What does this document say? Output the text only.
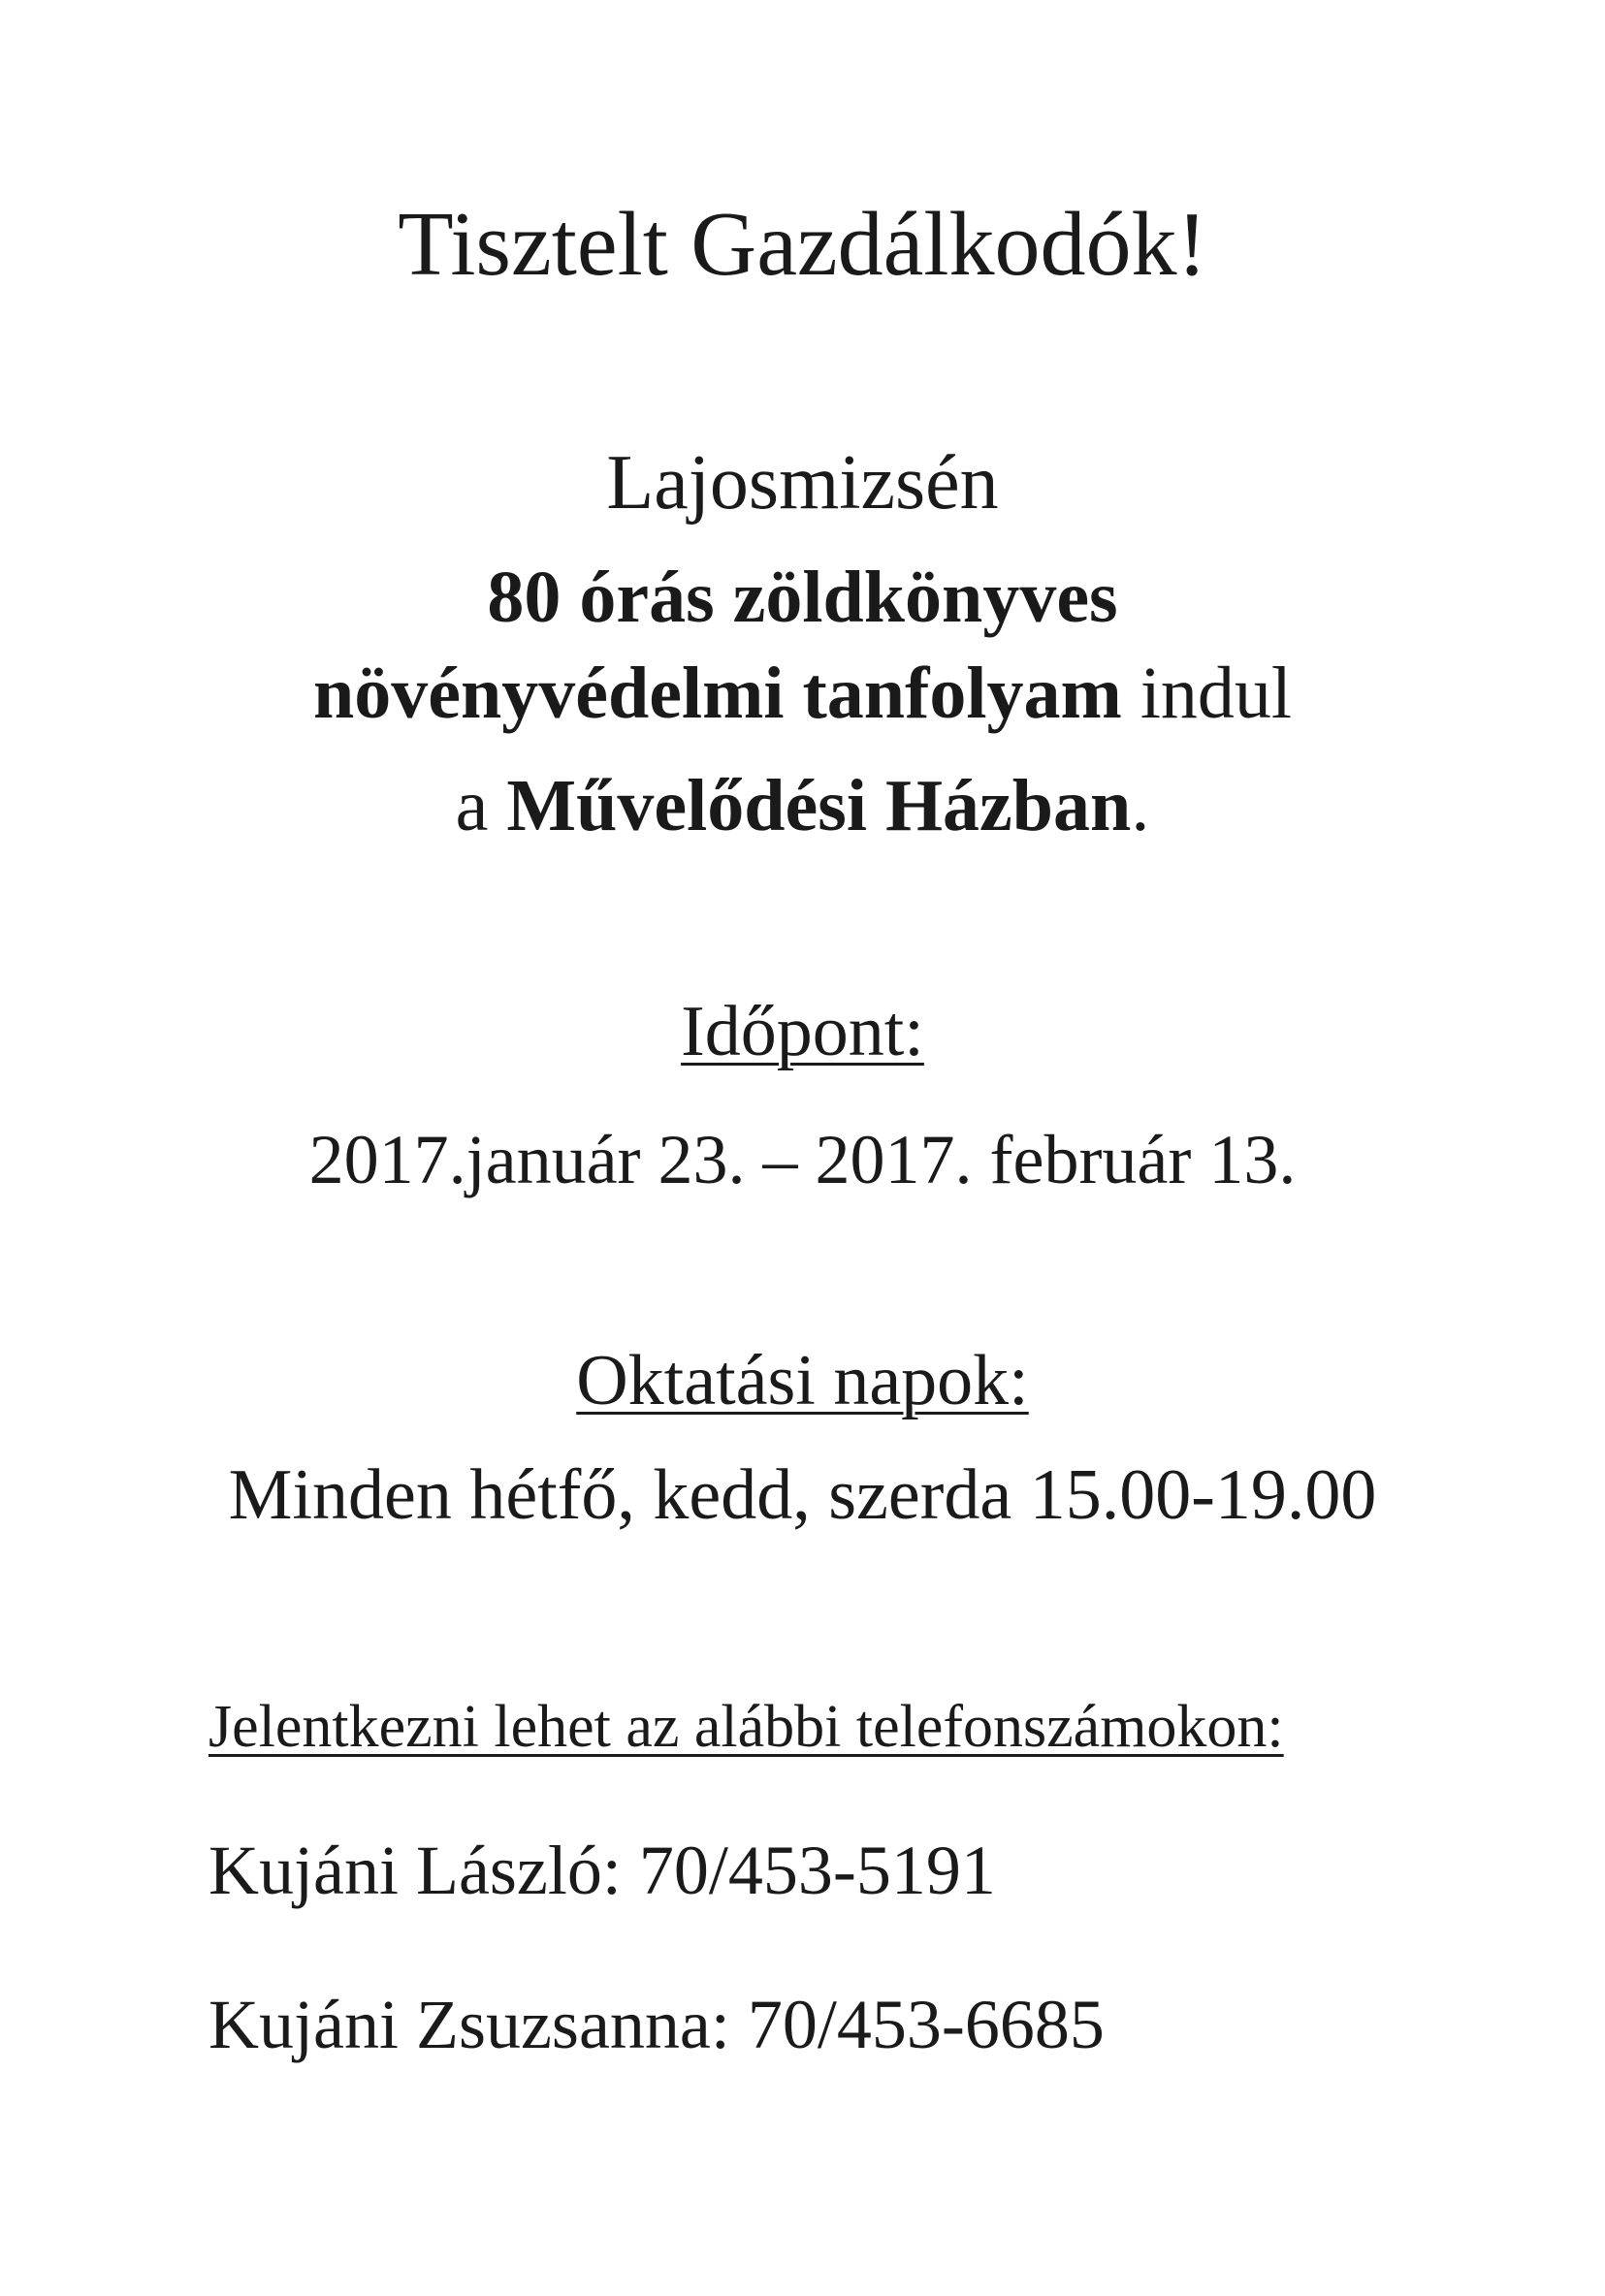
Tisztelt Gazdálkodók!
Lajosmizsén
80 órás zöldkönyves
növényvédelmi tanfolyam indul
a Művelődési Házban.
Időpont:
2017.január 23. – 2017. február 13.
Oktatási napok:
Minden hétfő, kedd, szerda 15.00-19.00
Jelentkezni lehet az alábbi telefonszámokon:
Kujáni László: 70/453-5191
Kujáni Zsuzsanna: 70/453-6685
